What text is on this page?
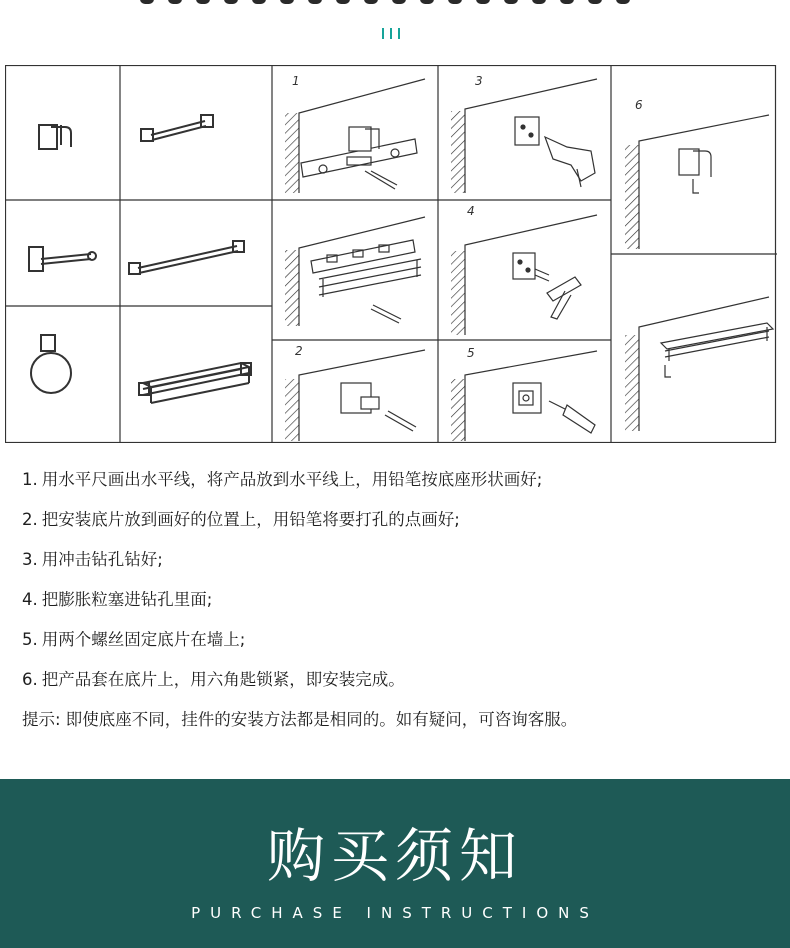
1
2
3
4
5
6
1. 用水平尺画出水平线，将产品放到水平线上，用铅笔按底座形状画好;
2. 把安装底片放到画好的位置上，用铅笔将要打孔的点画好;
3. 用冲击钻孔钻好;
4. 把膨胀粒塞进钻孔里面;
5. 用两个螺丝固定底片在墙上;
6. 把产品套在底片上，用六角匙锁紧，即安装完成。
提示: 即使底座不同，挂件的安装方法都是相同的。如有疑问，可咨询客服。
购买须知
PURCHASE INSTRUCTIONS
